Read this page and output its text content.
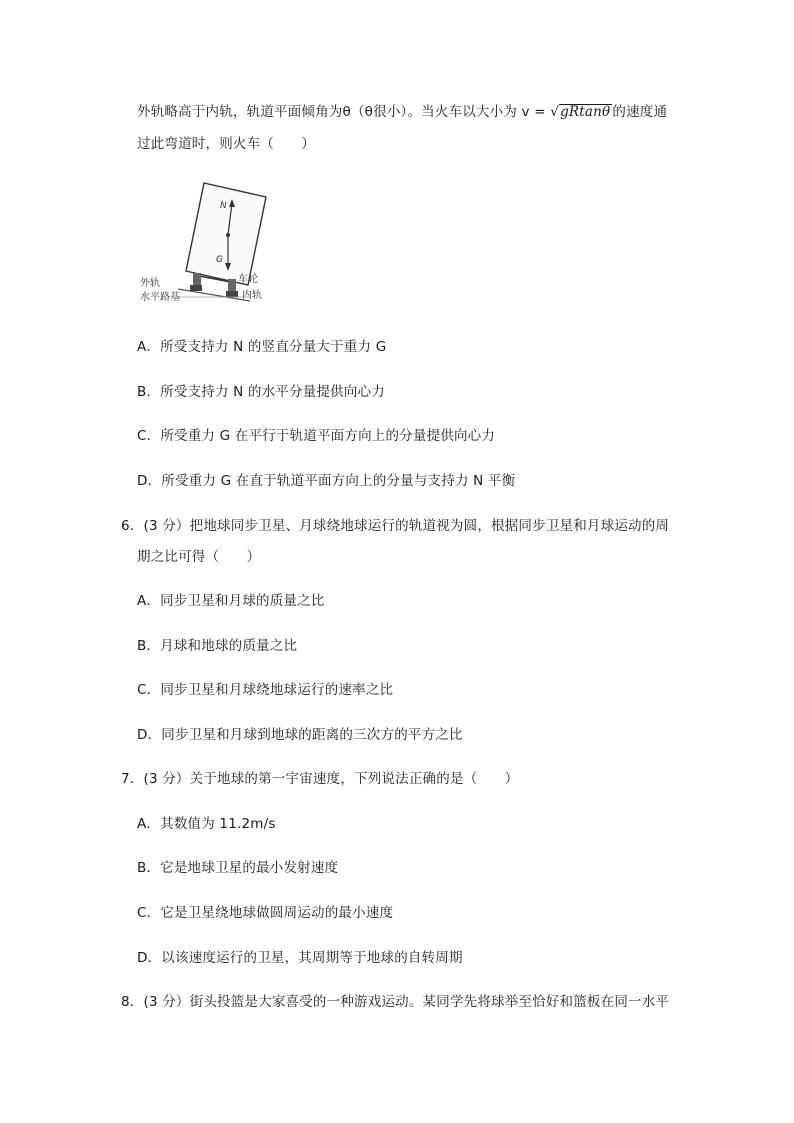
外轨略高于内轨，轨道平面倾角为θ（θ很小）。当火车以大小为 v = √gRtanθ 的速度通
过此弯道时，则火车（　　）
N
G
外轨	车轮
水平路基	内轨
A．所受支持力 N 的竖直分量大于重力 G
B．所受支持力 N 的水平分量提供向心力
C．所受重力 G 在平行于轨道平面方向上的分量提供向心力
D．所受重力 G 在直于轨道平面方向上的分量与支持力 N 平衡
6．(3 分）把地球同步卫星、月球绕地球运行的轨道视为圆，根据同步卫星和月球运动的周
期之比可得（　　）
A．同步卫星和月球的质量之比
B．月球和地球的质量之比
C．同步卫星和月球绕地球运行的速率之比
D．同步卫星和月球到地球的距离的三次方的平方之比
7．(3 分）关于地球的第一宇宙速度，下列说法正确的是（　　）
A．其数值为 11.2m/s
B．它是地球卫星的最小发射速度
C．它是卫星绕地球做圆周运动的最小速度
D．以该速度运行的卫星，其周期等于地球的自转周期
8．(3 分）街头投篮是大家喜受的一种游戏运动。某同学先将球举至恰好和篮板在同一水平
